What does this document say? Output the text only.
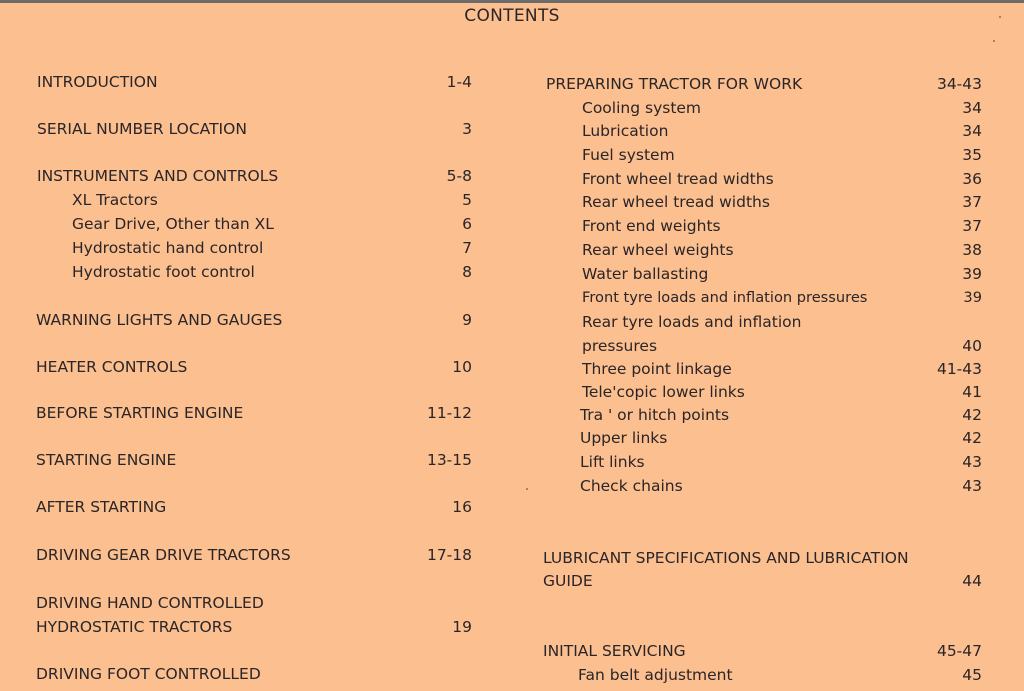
CONTENTS
INTRODUCTION	1-4
SERIAL NUMBER LOCATION	3
INSTRUMENTS AND CONTROLS	5-8
XL Tractors	5
Gear Drive, Other than XL	6
Hydrostatic hand control	7
Hydrostatic foot control	8
WARNING LIGHTS AND GAUGES	9
HEATER CONTROLS	10
BEFORE STARTING ENGINE	11-12
STARTING ENGINE	13-15
AFTER STARTING	16
DRIVING GEAR DRIVE TRACTORS	17-18
DRIVING HAND CONTROLLED
HYDROSTATIC TRACTORS	19
DRIVING FOOT CONTROLLED
PREPARING TRACTOR FOR WORK	34-43
Cooling system	34
Lubrication	34
Fuel system	35
Front wheel tread widths	36
Rear wheel tread widths	37
Front end weights	37
Rear wheel weights	38
Water ballasting	39
Front tyre loads and inflation pressures	39
Rear tyre loads and inflation
pressures	40
Three point linkage	41-43
Tele'copic lower links	41
Tra ' or hitch points	42
Upper links	42
Lift links	43
Check chains	43
LUBRICANT SPECIFICATIONS AND LUBRICATION
GUIDE	44
INITIAL SERVICING	45-47
Fan belt adjustment	45
